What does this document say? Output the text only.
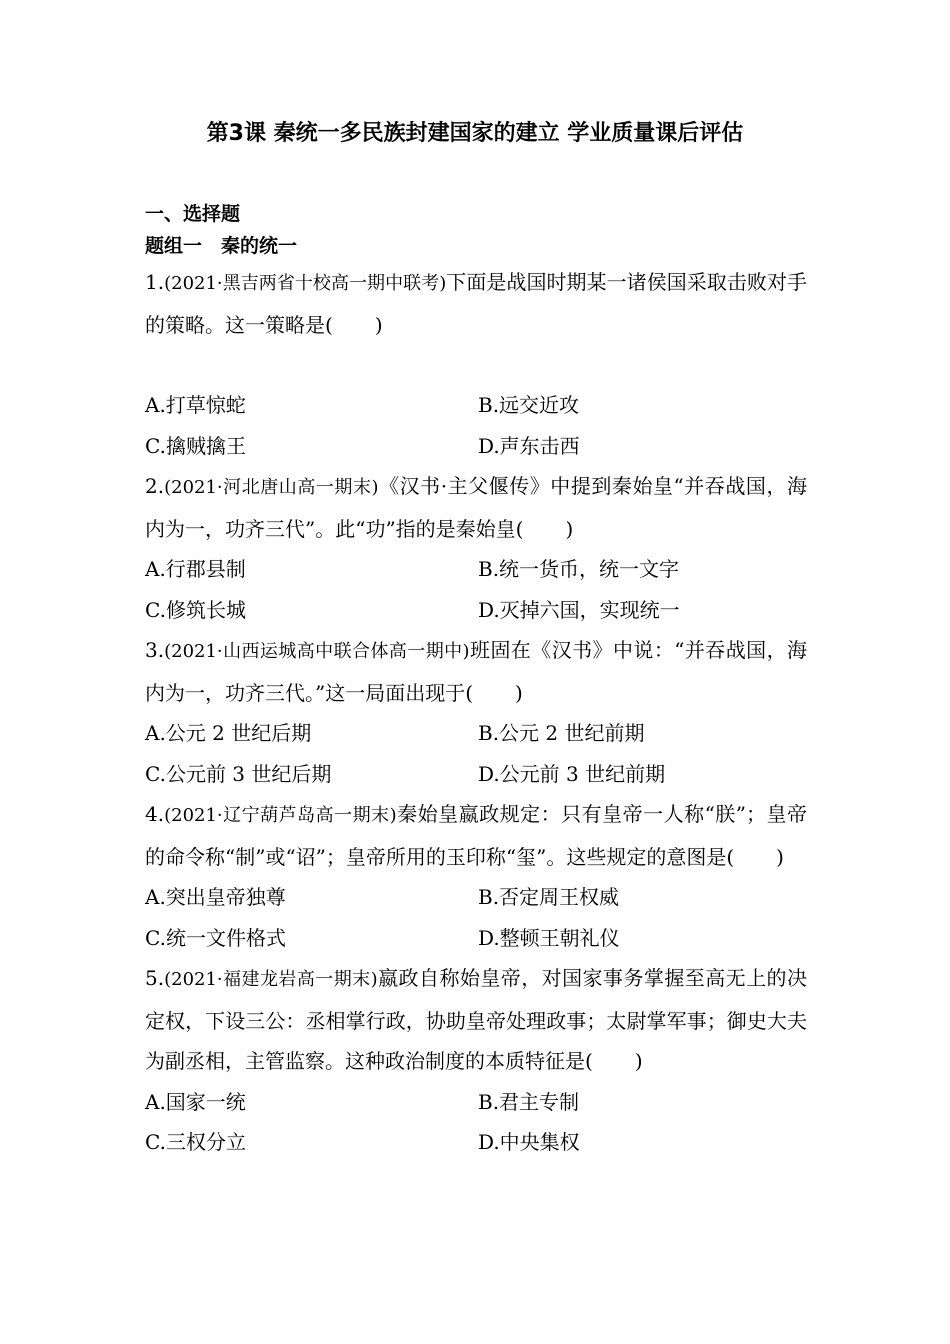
第3课 秦统一多民族封建国家的建立 学业质量课后评估
一、选择题
题组一　秦的统一
1.(2021·黑吉两省十校高一期中联考)下面是战国时期某一诸侯国采取击败对手的策略。这一策略是( )
A.打草惊蛇	B.远交近攻
C.擒贼擒王	D.声东击西
2.(2021·河北唐山高一期末)《汉书·主父偃传》中提到秦始皇“并吞战国，海内为一，功齐三代”。此“功”指的是秦始皇( )
A.行郡县制	B.统一货币，统一文字
C.修筑长城	D.灭掉六国，实现统一
3.(2021·山西运城高中联合体高一期中)班固在《汉书》中说：“并吞战国，海内为一，功齐三代。”这一局面出现于( )
A.公元 2 世纪后期	B.公元 2 世纪前期
C.公元前 3 世纪后期	D.公元前 3 世纪前期
4.(2021·辽宁葫芦岛高一期末)秦始皇嬴政规定：只有皇帝一人称“朕”；皇帝的命令称“制”或“诏”；皇帝所用的玉印称“玺”。这些规定的意图是( )
A.突出皇帝独尊	B.否定周王权威
C.统一文件格式	D.整顿王朝礼仪
5.(2021·福建龙岩高一期末)嬴政自称始皇帝，对国家事务掌握至高无上的决定权，下设三公：丞相掌行政，协助皇帝处理政事；太尉掌军事；御史大夫为副丞相，主管监察。这种政治制度的本质特征是( )
A.国家一统	B.君主专制
C.三权分立	D.中央集权
